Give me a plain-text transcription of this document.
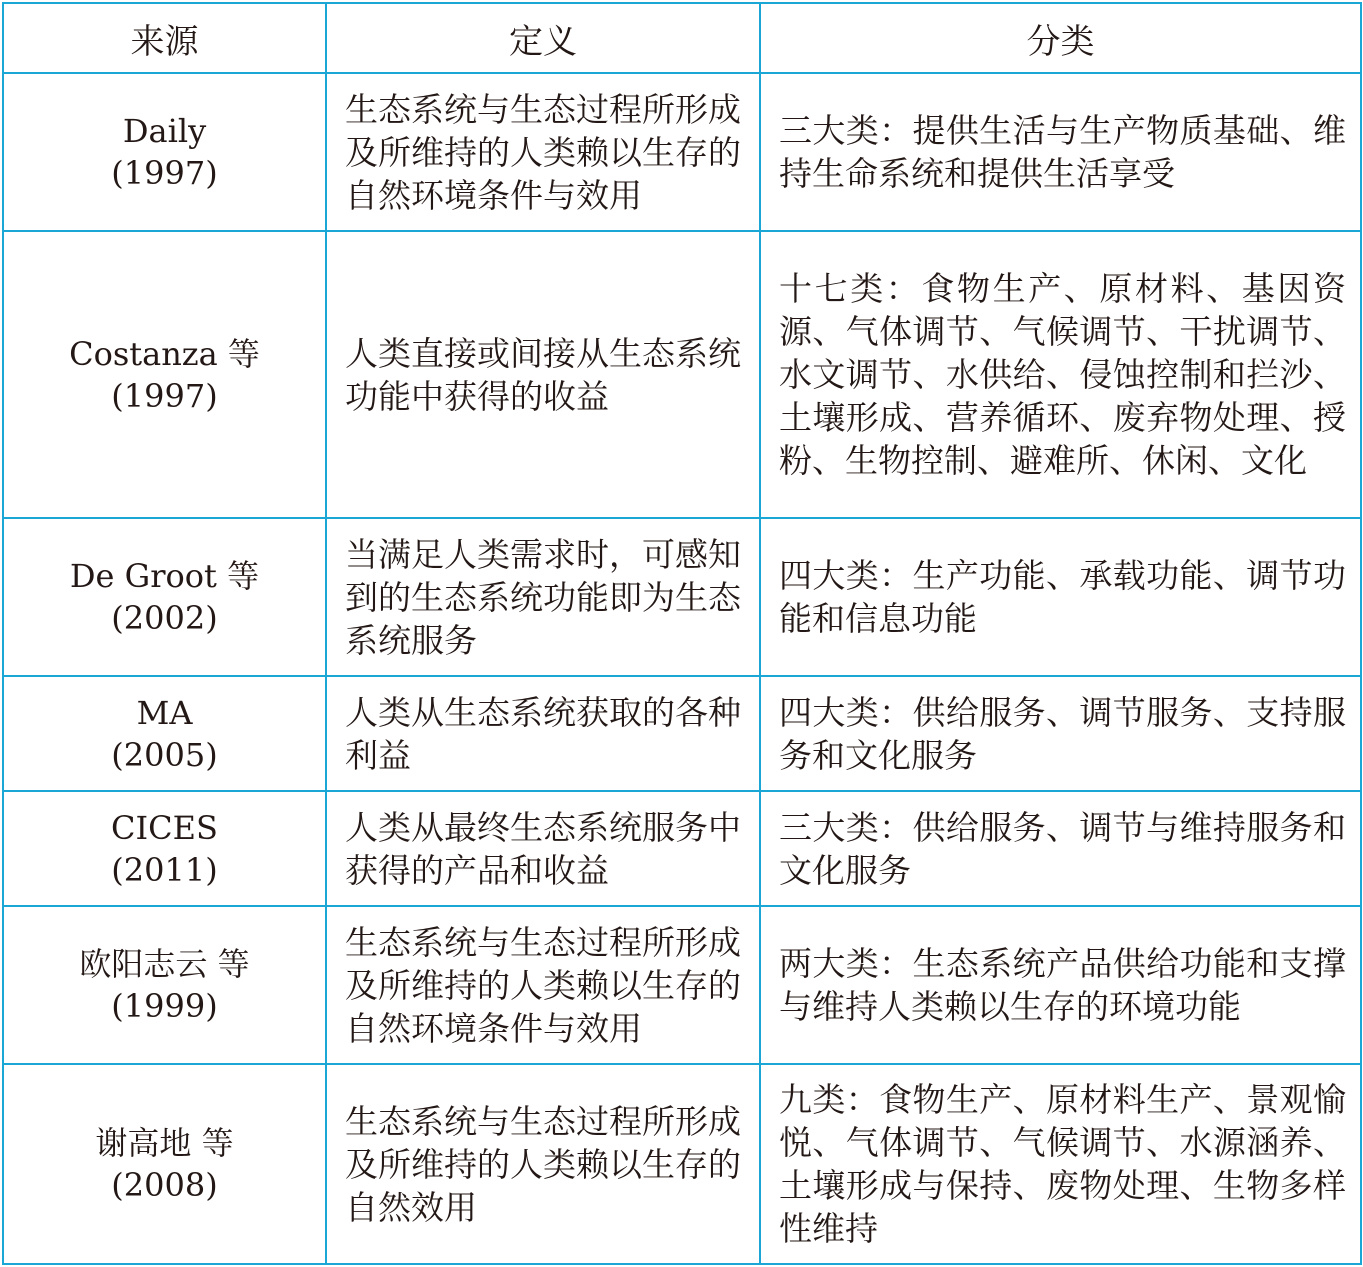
来源	定义	分类

Daily
(1997)	生态系统与生态过程所形成及所维持的人类赖以生存的自然环境条件与效用	三大类：提供生活与生产物质基础、维持生命系统和提供生活享受

Costanza 等
(1997)	人类直接或间接从生态系统功能中获得的收益	十七类：食物生产、原材料、基因资源、气体调节、气候调节、干扰调节、水文调节、水供给、侵蚀控制和拦沙、土壤形成、营养循环、废弃物处理、授粉、生物控制、避难所、休闲、文化

De Groot 等
(2002)	当满足人类需求时，可感知到的生态系统功能即为生态系统服务	四大类：生产功能、承载功能、调节功能和信息功能

MA
(2005)	人类从生态系统获取的各种利益	四大类：供给服务、调节服务、支持服务和文化服务

CICES
(2011)	人类从最终生态系统服务中获得的产品和收益	三大类：供给服务、调节与维持服务和文化服务

欧阳志云 等
(1999)	生态系统与生态过程所形成及所维持的人类赖以生存的自然环境条件与效用	两大类：生态系统产品供给功能和支撑与维持人类赖以生存的环境功能

谢高地 等
(2008)	生态系统与生态过程所形成及所维持的人类赖以生存的自然效用	九类：食物生产、原材料生产、景观愉悦、气体调节、气候调节、水源涵养、土壤形成与保持、废物处理、生物多样性维持
